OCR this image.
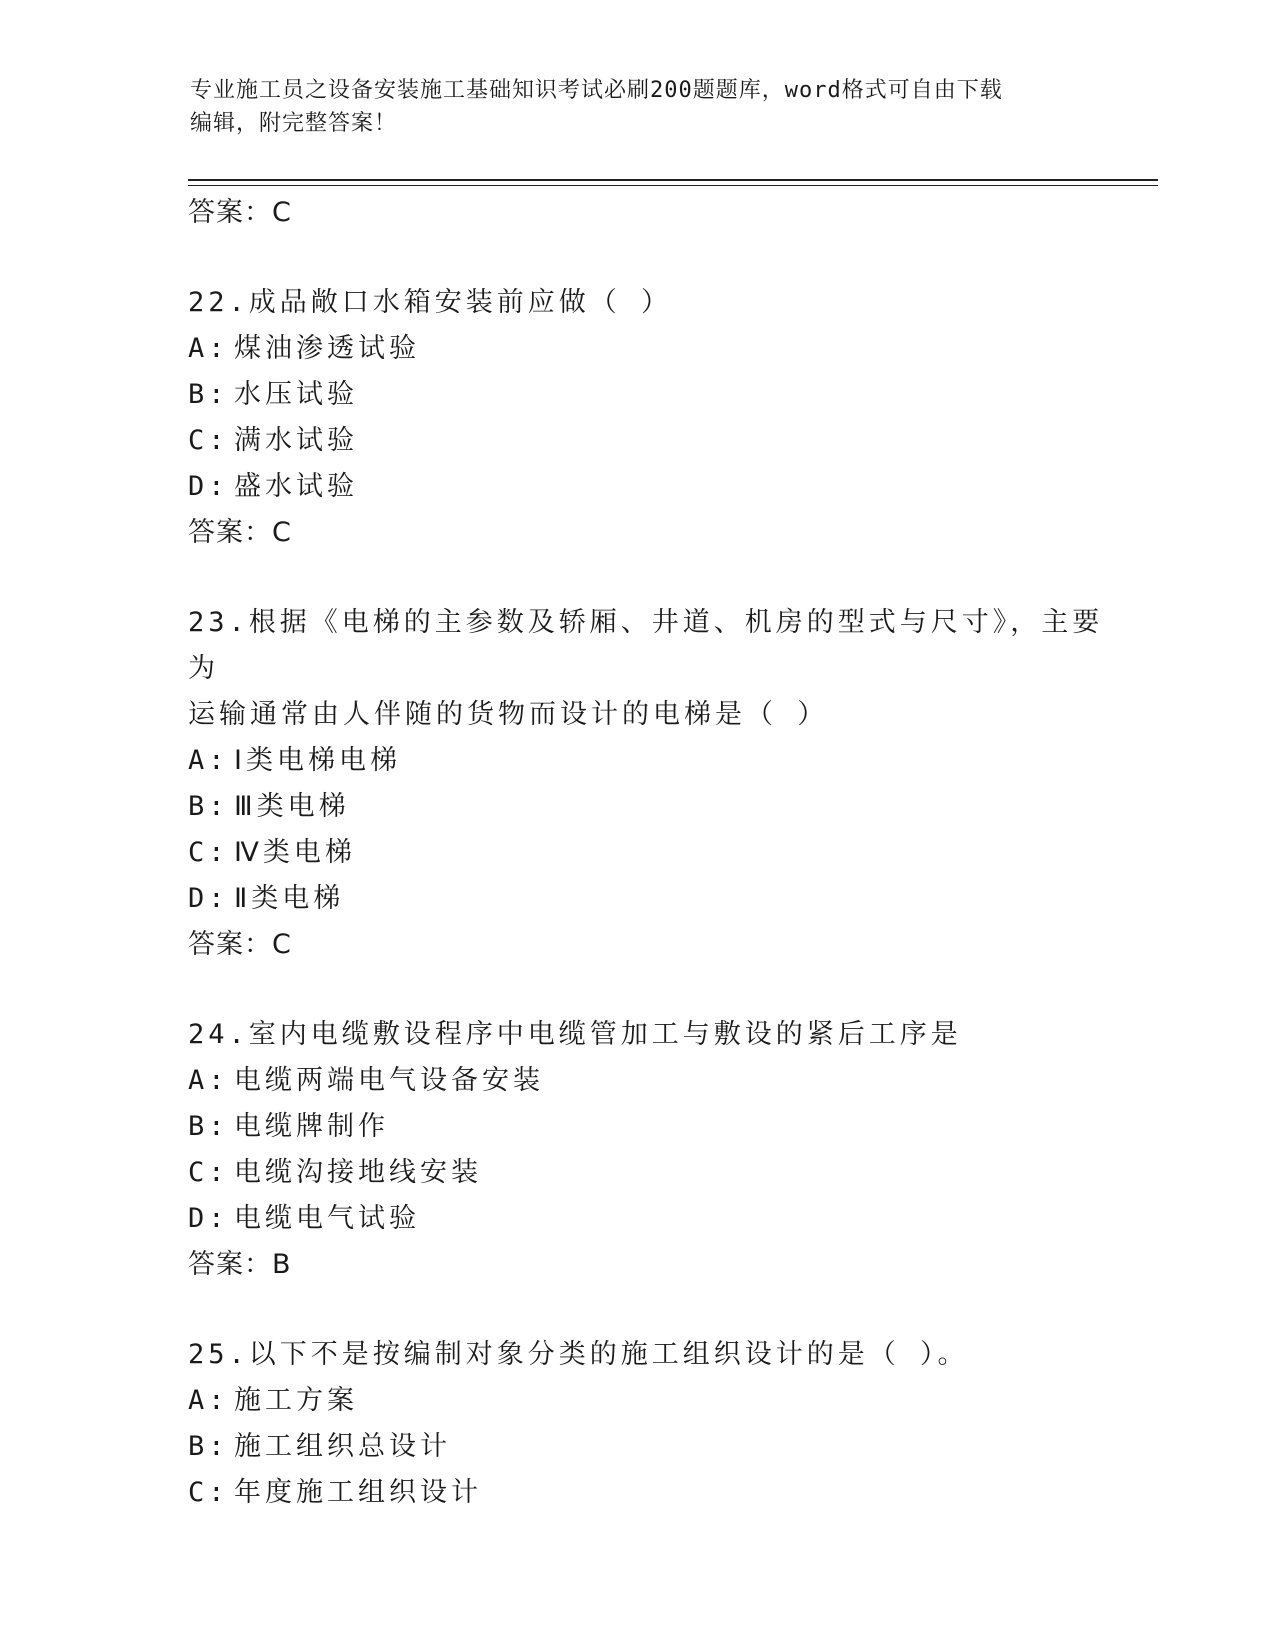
专业施工员之设备安装施工基础知识考试必刷200题题库，word格式可自由下载
编辑，附完整答案！

答案：C

22.成品敞口水箱安装前应做（ ）

A: 煤油渗透试验

B: 水压试验

C: 满水试验

D: 盛水试验

答案：C

23.根据《电梯的主参数及轿厢、井道、机房的型式与尺寸》，主要为

运输通常由人伴随的货物而设计的电梯是（ ）

A: Ⅰ类电梯电梯

B: Ⅲ类电梯

C: Ⅳ类电梯

D: Ⅱ类电梯

答案：C

24.室内电缆敷设程序中电缆管加工与敷设的紧后工序是

A: 电缆两端电气设备安装

B: 电缆牌制作

C: 电缆沟接地线安装

D: 电缆电气试验

答案：B

25.以下不是按编制对象分类的施工组织设计的是（ ）。

A: 施工方案

B: 施工组织总设计

C: 年度施工组织设计
